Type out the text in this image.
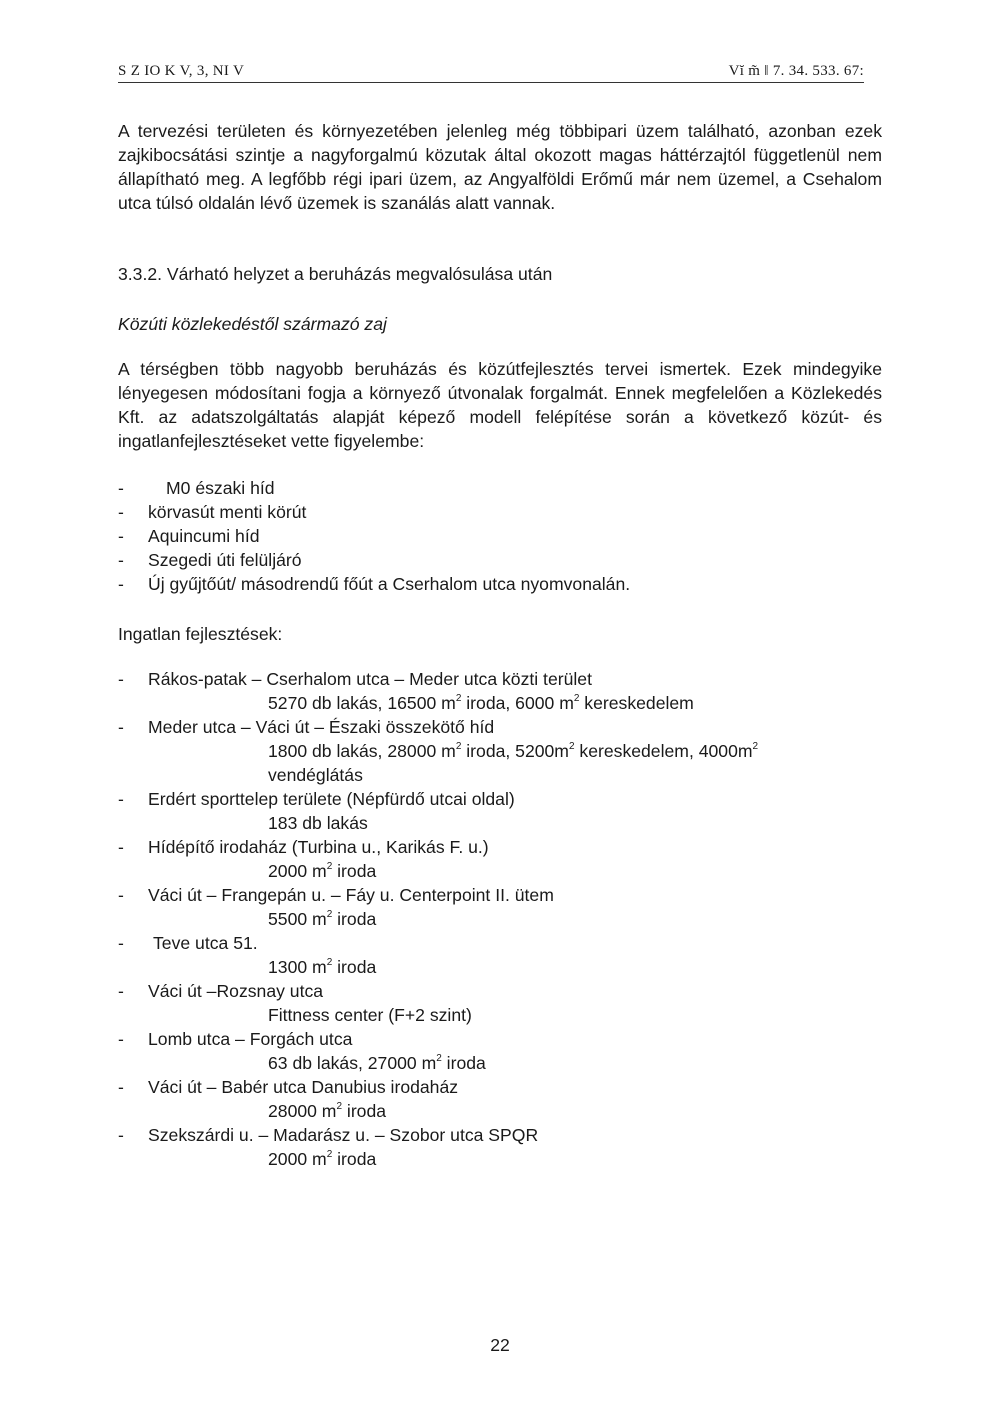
S Z IO K V, 3, NI V	Vĭ m̃ ǁ 7. 34. 533. 67:
A tervezési területen és környezetében jelenleg még többipari üzem található, azonban ezek zajkibocsátási szintje a nagyforgalmú közutak által okozott magas háttérzajtól függetlenül nem állapítható meg. A legfőbb régi ipari üzem, az Angyalföldi Erőmű már nem üzemel, a Csehalom utca túlsó oldalán lévő üzemek is szanálás alatt vannak.
3.3.2. Várható helyzet a beruházás megvalósulása után
Közúti közlekedéstől származó zaj
A térségben több nagyobb beruházás és közútfejlesztés tervei ismertek. Ezek mindegyike lényegesen módosítani fogja a környező útvonalak forgalmát. Ennek megfelelően a Közlekedés Kft. az adatszolgáltatás alapját képező modell felépítése során a következő közút- és ingatlanfejlesztéseket vette figyelembe:
- M0 északi híd
- körvasút menti körút
- Aquincumi híd
- Szegedi úti felüljáró
- Új gyűjtőút/ másodrendű főút a Cserhalom utca nyomvonalán.
Ingatlan fejlesztések:
- Rákos-patak – Cserhalom utca – Meder utca közti terület
5270 db lakás, 16500 $m^2$ iroda, 6000 $m^2$ kereskedelem
- Meder utca – Váci út – Északi összekötő híd
1800 db lakás, 28000 $m^2$ iroda, $5200m^2$ kereskedelem, $4000m^2$
vendéglátás
- Erdért sporttelep területe (Népfürdő utcai oldal)
183 db lakás
- Hídépítő irodaház (Turbina u., Karikás F. u.)
2000 $m^2$ iroda
- Váci út – Frangepán u. – Fáy u. Centerpoint II. ütem
5500 $m^2$ iroda
- Teve utca 51.
1300 $m^2$ iroda
- Váci út –Rozsnay utca
Fittness center (F+2 szint)
- Lomb utca – Forgách utca
63 db lakás, 27000 $m^2$ iroda
- Váci út – Babér utca Danubius irodaház
28000 $m^2$ iroda
- Szekszárdi u. – Madarász u. – Szobor utca SPQR
2000 $m^2$ iroda
22
